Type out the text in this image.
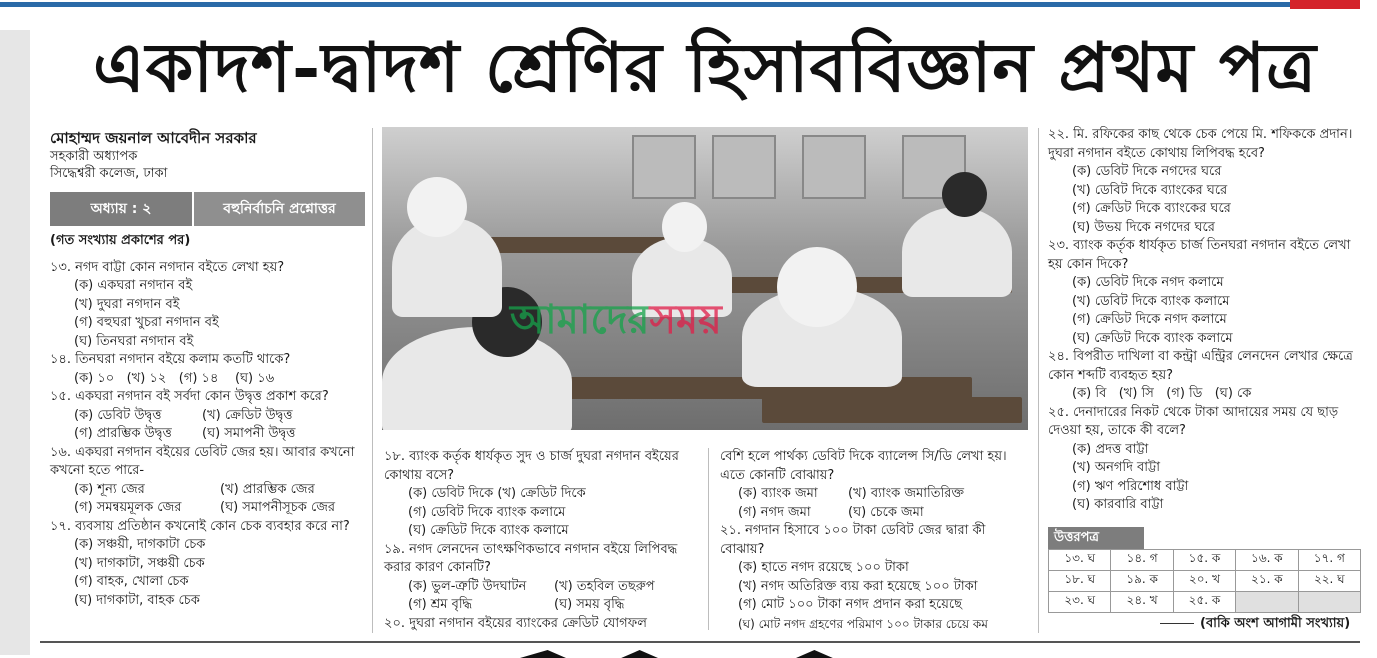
একাদশ-দ্বাদশ শ্রেণির হিসাববিজ্ঞান প্রথম পত্র
মোহাম্মদ জয়নাল আবেদীন সরকার
সহকারী অধ্যাপক
সিদ্ধেশ্বরী কলেজ, ঢাকা
অধ্যায় : ২	বহুনির্বাচনি প্রশ্নোত্তর
(গত সংখ্যায় প্রকাশের পর)

১৩. নগদ বাট্টা কোন নগদান বইতে লেখা হয়?

(ক) একঘরা নগদান বই

(খ) দুঘরা নগদান বই

(গ) বহুঘরা খুচরা নগদান বই

(ঘ) তিনঘরা নগদান বই

১৪. তিনঘরা নগদান বইয়ে কলাম কতটি থাকে?

(ক) ১০   (খ) ১২   (গ) ১৪    (ঘ) ১৬

১৫. একঘরা নগদান বই সর্বদা কোন উদ্বৃত্ত প্রকাশ করে?

(ক) ডেবিট উদ্বৃত্ত	(খ) ক্রেডিট উদ্বৃত্ত
(গ) প্রারম্ভিক উদ্বৃত্ত	(ঘ) সমাপনী উদ্বৃত্ত

১৬. একঘরা নগদান বইয়ের ডেবিট জের হয়। আবার কখনো কখনো হতে পারে-

(ক) শূন্য জের	(খ) প্রারম্ভিক জের
(গ) সমন্বয়মূলক জের	(ঘ) সমাপনীসূচক জের

১৭. ব্যবসায় প্রতিষ্ঠান কখনোই কোন চেক ব্যবহার করে না?

(ক) সঞ্চয়ী, দাগকাটা চেক

(খ) দাগকাটা, সঞ্চয়ী চেক

(গ) বাহক, খোলা চেক

(ঘ) দাগকাটা, বাহক চেক

আমাদেরসময়

১৮. ব্যাংক কর্তৃক ধার্যকৃত সুদ ও চার্জ দুঘরা নগদান বইয়ের কোথায় বসে?

(ক) ডেবিট দিকে (খ) ক্রেডিট দিকে

(গ) ডেবিট দিকে ব্যাংক কলামে

(ঘ) ক্রেডিট দিকে ব্যাংক কলামে

১৯. নগদ লেনদেন তাৎক্ষণিকভাবে নগদান বইয়ে লিপিবদ্ধ করার কারণ কোনটি?

(ক) ভুল-ত্রুটি উদঘাটন	(খ) তহবিল তছরুপ
(গ) শ্রম বৃদ্ধি	(ঘ) সময় বৃদ্ধি

২০. দুঘরা নগদান বইয়ের ব্যাংকের ক্রেডিট যোগফল

বেশি হলে পার্থক্য ডেবিট দিকে ব্যালেন্স সি/ডি লেখা হয়। এতে কোনটি বোঝায়?

(ক) ব্যাংক জমা	(খ) ব্যাংক জমাতিরিক্ত
(গ) নগদ জমা	(ঘ) চেকে জমা

২১. নগদান হিসাবে ১০০ টাকা ডেবিট জের দ্বারা কী বোঝায়?

(ক) হাতে নগদ রয়েছে ১০০ টাকা

(খ) নগদ অতিরিক্ত ব্যয় করা হয়েছে ১০০ টাকা

(গ) মোট ১০০ টাকা নগদ প্রদান করা হয়েছে

(ঘ) মোট নগদ গ্রহণের পরিমাণ ১০০ টাকার চেয়ে কম

২২. মি. রফিকের কাছ থেকে চেক পেয়ে মি. শফিককে প্রদান। দুঘরা নগদান বইতে কোথায় লিপিবদ্ধ হবে?

(ক) ডেবিট দিকে নগদের ঘরে

(খ) ডেবিট দিকে ব্যাংকের ঘরে

(গ) ক্রেডিট দিকে ব্যাংকের ঘরে

(ঘ) উভয় দিকে নগদের ঘরে

২৩. ব্যাংক কর্তৃক ধার্যকৃত চার্জ তিনঘরা নগদান বইতে লেখা হয় কোন দিকে?

(ক) ডেবিট দিকে নগদ কলামে

(খ) ডেবিট দিকে ব্যাংক কলামে

(গ) ক্রেডিট দিকে নগদ কলামে

(ঘ) ক্রেডিট দিকে ব্যাংক কলামে

২৪. বিপরীত দাখিলা বা কন্ট্রা এন্ট্রির লেনদেন লেখার ক্ষেত্রে কোন শব্দটি ব্যবহৃত হয়?

(ক) বি   (খ) সি   (গ) ডি   (ঘ) কে

২৫. দেনাদারের নিকট থেকে টাকা আদায়ের সময় যে ছাড় দেওয়া হয়, তাকে কী বলে?

(ক) প্রদত্ত বাট্টা

(খ) অনগদি বাট্টা

(গ) ঋণ পরিশোধ বাট্টা

(ঘ) কারবারি বাট্টা

উত্তরপত্র
১৩. ঘ	১৪. গ	১৫. ক	১৬. ক	১৭. গ
১৮. ঘ	১৯. ক	২০. খ	২১. ক	২২. ঘ
২৩. ঘ	২৪. খ	২৫. ক		
(বাকি অংশ আগামী সংখ্যায়)
